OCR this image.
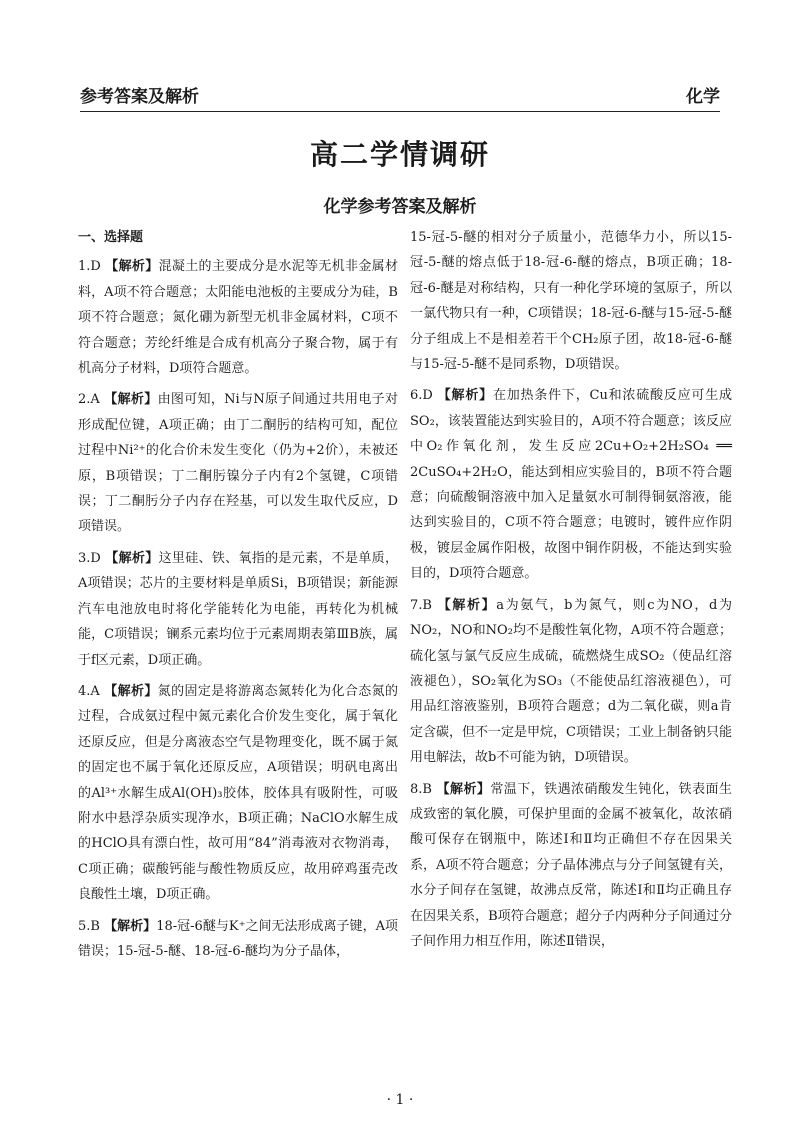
参考答案及解析	化学
高二学情调研
化学参考答案及解析
一、选择题
1.D 【解析】混凝土的主要成分是水泥等无机非金属材料，A项不符合题意；太阳能电池板的主要成分为硅，B项不符合题意；氮化硼为新型无机非金属材料，C项不符合题意；芳纶纤维是合成有机高分子聚合物，属于有机高分子材料，D项符合题意。
2.A 【解析】由图可知，Ni与N原子间通过共用电子对形成配位键，A项正确；由丁二酮肟的结构可知，配位过程中Ni²⁺的化合价未发生变化（仍为+2价），未被还原，B项错误；丁二酮肟镍分子内有2个氢键，C项错误；丁二酮肟分子内存在羟基，可以发生取代反应，D项错误。
3.D 【解析】这里硅、铁、氧指的是元素，不是单质，A项错误；芯片的主要材料是单质Si，B项错误；新能源汽车电池放电时将化学能转化为电能，再转化为机械能，C项错误；镧系元素均位于元素周期表第ⅢB族，属于f区元素，D项正确。
4.A 【解析】氮的固定是将游离态氮转化为化合态氮的过程，合成氨过程中氮元素化合价发生变化，属于氧化还原反应，但是分离液态空气是物理变化，既不属于氮的固定也不属于氧化还原反应，A项错误；明矾电离出的Al³⁺水解生成Al(OH)₃胶体，胶体具有吸附性，可吸附水中悬浮杂质实现净水，B项正确；NaClO水解生成的HClO具有漂白性，故可用“84”消毒液对衣物消毒，C项正确；碳酸钙能与酸性物质反应，故用碎鸡蛋壳改良酸性土壤，D项正确。
5.B 【解析】18-冠-6醚与K⁺之间无法形成离子键，A项错误；15-冠-5-醚、18-冠-6-醚均为分子晶体，
15-冠-5-醚的相对分子质量小，范德华力小，所以15-冠-5-醚的熔点低于18-冠-6-醚的熔点，B项正确；18-冠-6-醚是对称结构，只有一种化学环境的氢原子，所以一氯代物只有一种，C项错误；18-冠-6-醚与15-冠-5-醚分子组成上不是相差若干个CH₂原子团，故18-冠-6-醚与15-冠-5-醚不是同系物，D项错误。
6.D 【解析】在加热条件下，Cu和浓硫酸反应可生成SO₂，该装置能达到实验目的，A项不符合题意；该反应中O₂作氧化剂，发生反应2Cu+O₂+2H₂SO₄ ══ 2CuSO₄+2H₂O，能达到相应实验目的，B项不符合题意；向硫酸铜溶液中加入足量氨水可制得铜氨溶液，能达到实验目的，C项不符合题意；电镀时，镀件应作阴极，镀层金属作阳极，故图中铜作阴极，不能达到实验目的，D项符合题意。
7.B 【解析】a为氨气，b为氮气，则c为NO，d为NO₂，NO和NO₂均不是酸性氧化物，A项不符合题意；硫化氢与氯气反应生成硫，硫燃烧生成SO₂（使品红溶液褪色），SO₂氧化为SO₃（不能使品红溶液褪色），可用品红溶液鉴别，B项符合题意；d为二氧化碳，则a肯定含碳，但不一定是甲烷，C项错误；工业上制备钠只能用电解法，故b不可能为钠，D项错误。
8.B 【解析】常温下，铁遇浓硝酸发生钝化，铁表面生成致密的氧化膜，可保护里面的金属不被氧化，故浓硝酸可保存在钢瓶中，陈述Ⅰ和Ⅱ均正确但不存在因果关系，A项不符合题意；分子晶体沸点与分子间氢键有关，水分子间存在氢键，故沸点反常，陈述Ⅰ和Ⅱ均正确且存在因果关系，B项符合题意；超分子内两种分子间通过分子间作用力相互作用，陈述Ⅱ错误，
· 1 ·
